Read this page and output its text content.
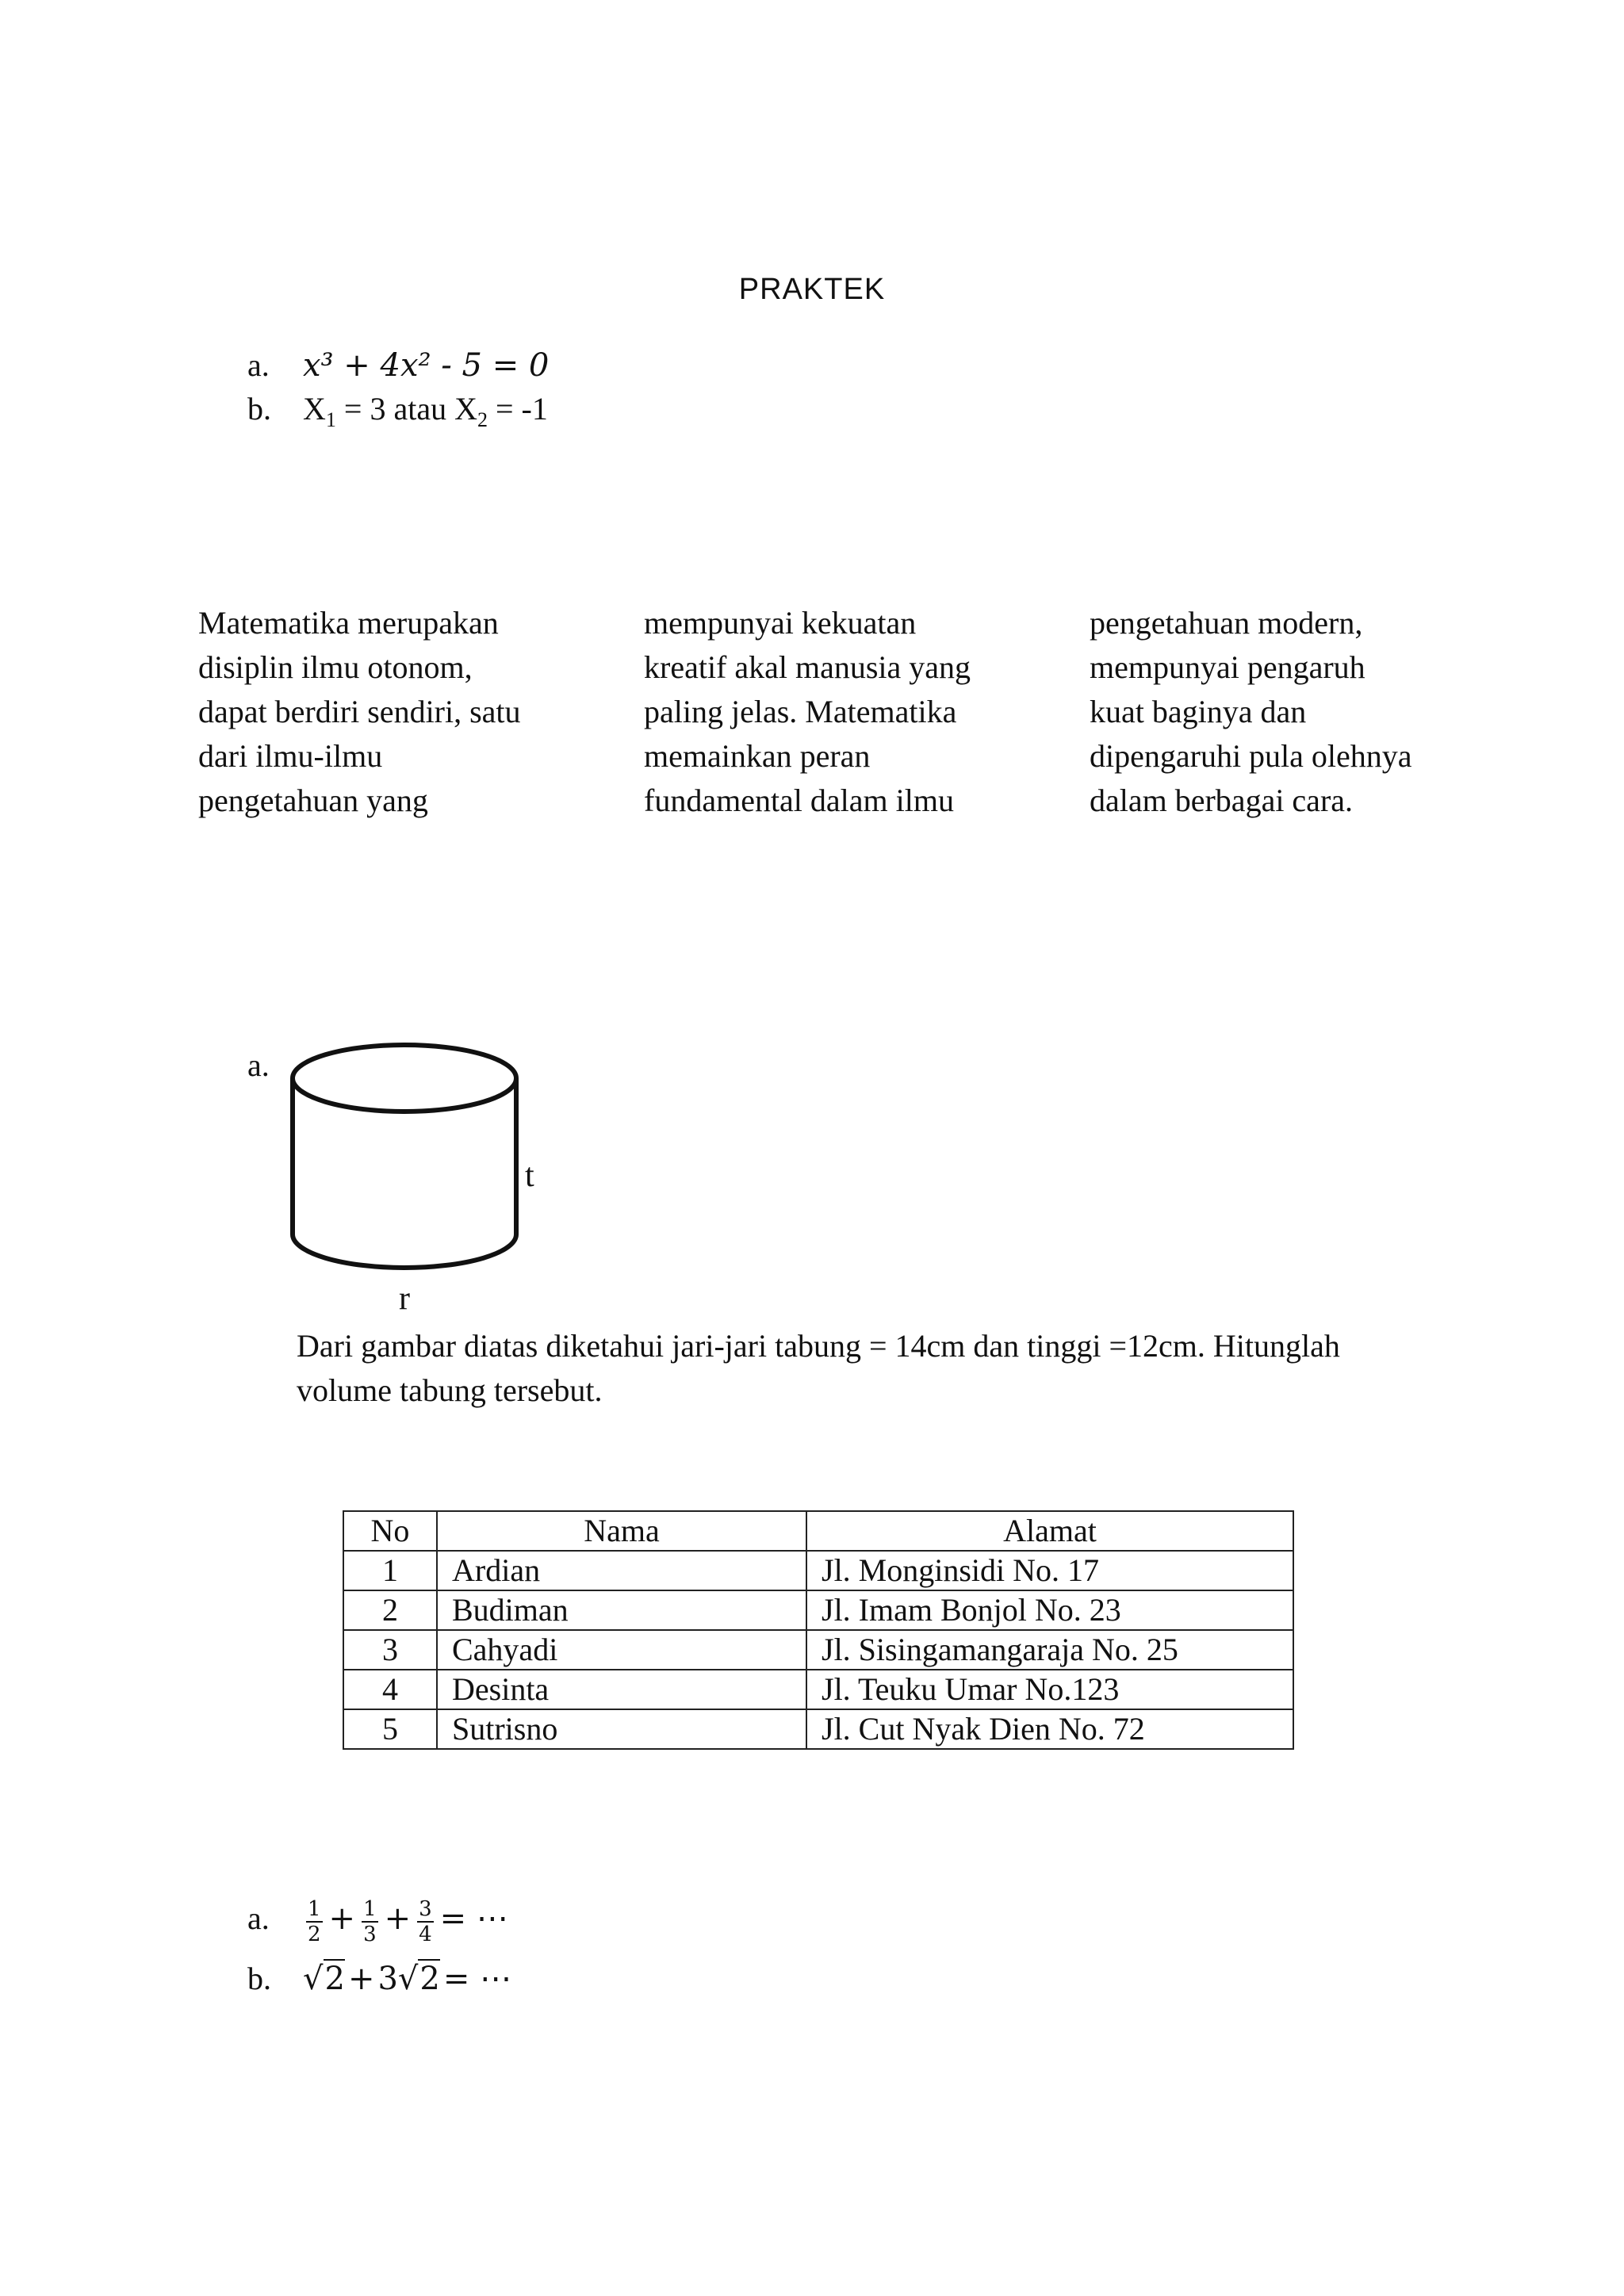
PRAKTEK
a. x³ + 4x² - 5 = 0
b. $X_1 = 3$ atau $X_2 = -1$
Matematika merupakan
disiplin ilmu otonom,
dapat berdiri sendiri, satu
dari ilmu-ilmu
pengetahuan yang
mempunyai kekuatan
kreatif akal manusia yang
paling jelas. Matematika
memainkan peran
fundamental dalam ilmu
pengetahuan modern,
mempunyai pengaruh
kuat baginya dan
dipengaruhi pula olehnya
dalam berbagai cara.
a.
t
r
Dari gambar diatas diketahui jari-jari tabung = 14cm dan tinggi =12cm. Hitunglah
volume tabung tersebut.
No	Nama	Alamat
1	Ardian	Jl. Monginsidi No. 17
2	Budiman	Jl. Imam Bonjol No. 23
3	Cahyadi	Jl. Sisingamangaraja No. 25
4	Desinta	Jl. Teuku Umar No.123
5	Sutrisno	Jl. Cut Nyak Dien No. 72
a. $\frac{1}{2} + \frac{1}{3} + \frac{3}{4}$ = ⋯
b. √2 + 3√2 = ⋯
